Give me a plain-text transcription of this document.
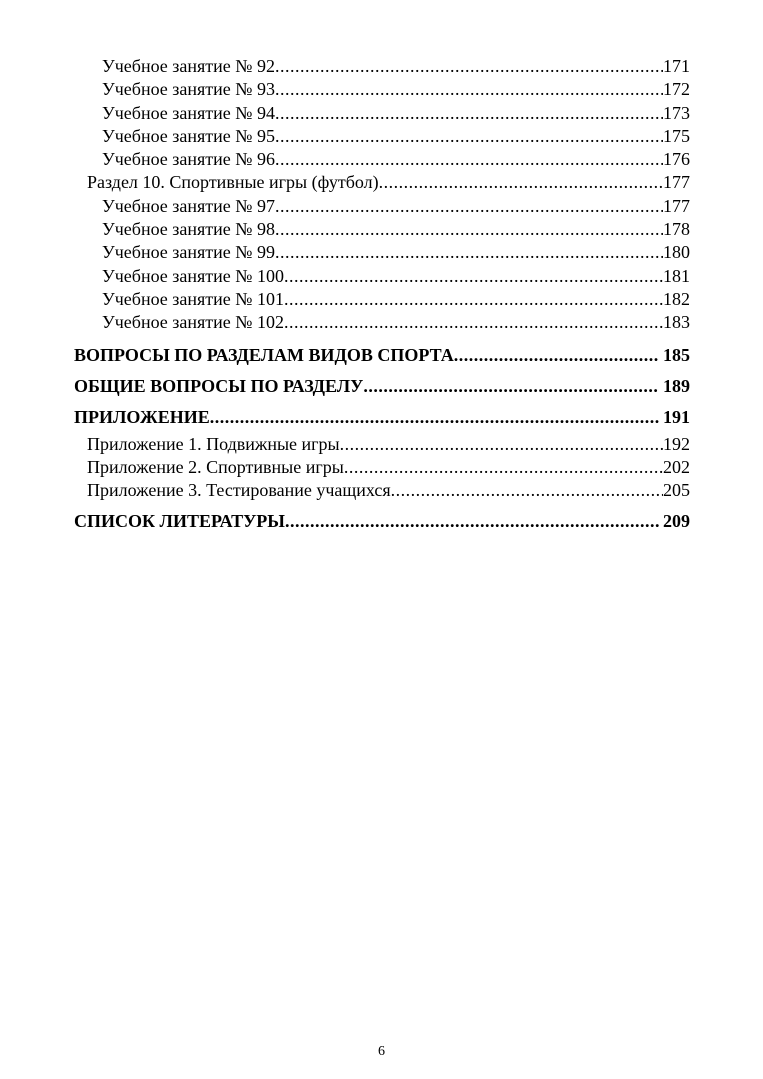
Учебное занятие № 92 .....	171
Учебное занятие № 93 .....	172
Учебное занятие № 94 .....	173
Учебное занятие № 95 .....	175
Учебное занятие № 96 .....	176
Раздел 10. Спортивные игры (футбол) .....	177
Учебное занятие № 97 .....	177
Учебное занятие № 98 .....	178
Учебное занятие № 99 .....	180
Учебное занятие № 100 .....	181
Учебное занятие № 101 .....	182
Учебное занятие № 102 .....	183
ВОПРОСЫ ПО РАЗДЕЛАМ ВИДОВ СПОРТА .....	185
ОБЩИЕ ВОПРОСЫ ПО РАЗДЕЛУ .....	189
ПРИЛОЖЕНИЕ .....	191
Приложение 1. Подвижные игры .....	192
Приложение 2. Спортивные игры .....	202
Приложение 3. Тестирование учащихся .....	205
СПИСОК ЛИТЕРАТУРЫ .....	209
6
